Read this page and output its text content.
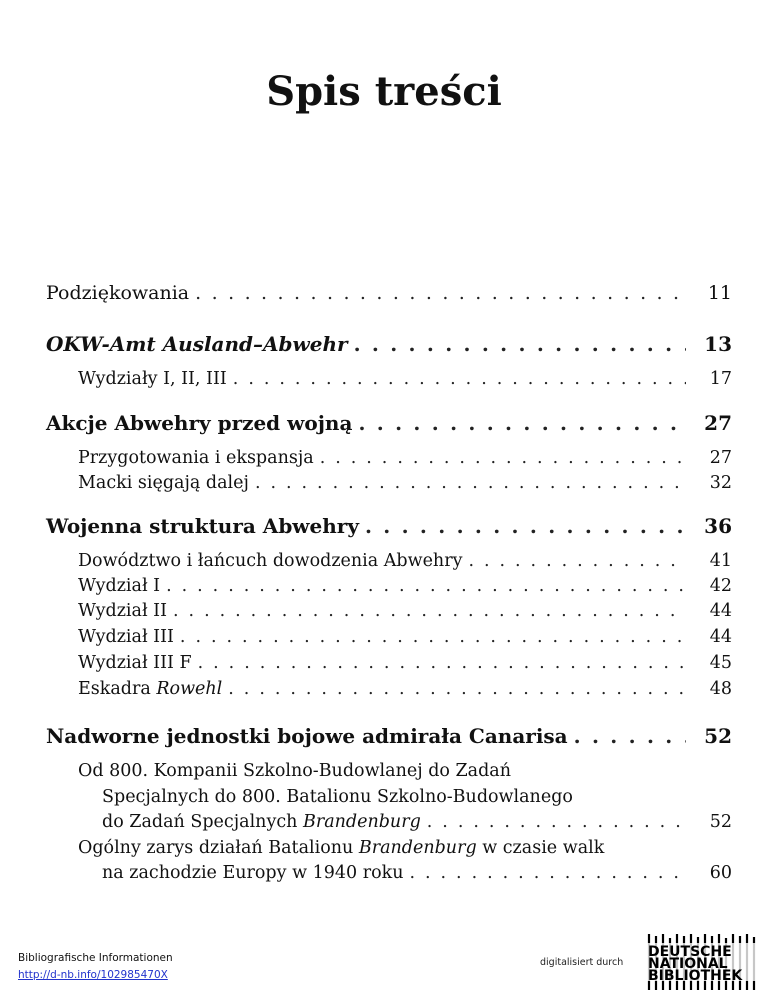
Spis treści
Podziękowania . . .	11
OKW-Amt Ausland–Abwehr . . .	13
Wydziały I, II, III . . .	17
Akcje Abwehry przed wojną . . .	27
Przygotowania i ekspansja . . .	27
Macki sięgają dalej . . .	32
Wojenna struktura Abwehry . . .	36
Dowództwo i łańcuch dowodzenia Abwehry . . .	41
Wydział I . . .	42
Wydział II . . .	44
Wydział III . . .	44
Wydział III F . . .	45
Eskadra Rowehl . . .	48
Nadworne jednostki bojowe admirała Canarisa . . .	52
Od 800. Kompanii Szkolno-Budowlanej do Zadań
Specjalnych do 800. Batalionu Szkolno-Budowlanego
do Zadań Specjalnych Brandenburg . . .	52
Ogólny zarys działań Batalionu Brandenburg w czasie walk
na zachodzie Europy w 1940 roku . . .	60
Bibliografische Informationen
http://d-nb.info/102985470X
digitalisiert durch
DEUTSCHE
NATIONAL
BIBLIOTHEK
